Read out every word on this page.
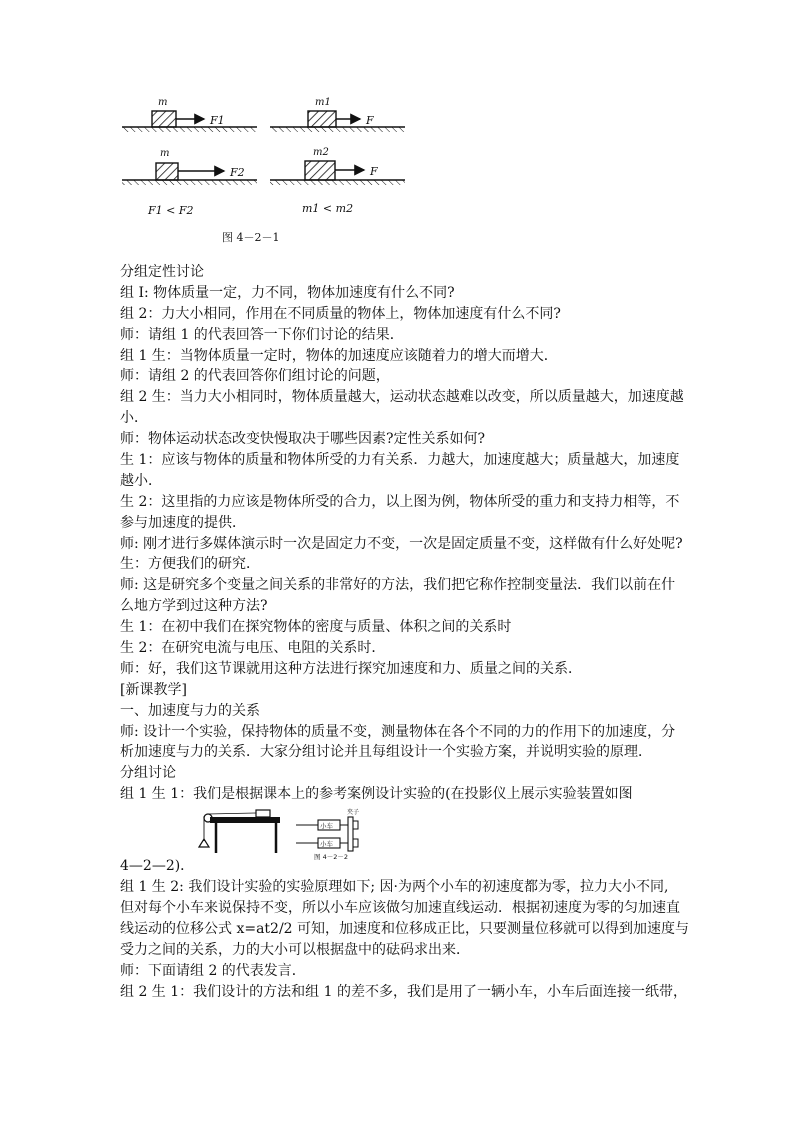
m
F1
m1
F
m
F2
m2
F
F1 < F2	m1 < m2
图 4－2－1
分组定性讨论
组 I: 物体质量一定，力不同，物体加速度有什么不同?
组 2：力大小相同，作用在不同质量的物体上，物体加速度有什么不同?
师：请组 1 的代表回答一下你们讨论的结果．
组 1 生：当物体质量一定时，物体的加速度应该随着力的增大而增大．
师：请组 2 的代表回答你们组讨论的问题，
组 2 生：当力大小相同时，物体质量越大，运动状态越难以改变，所以质量越大，加速度越
小．
师：物体运动状态改变快慢取决于哪些因素?定性关系如何?
生 1：应该与物体的质量和物体所受的力有关系．力越大，加速度越大；质量越大，加速度
越小．
生 2：这里指的力应该是物体所受的合力，以上图为例，物体所受的重力和支持力相等，不
参与加速度的提供．
师: 刚才进行多媒体演示时一次是固定力不变，一次是固定质量不变，这样做有什么好处呢?
生：方便我们的研究．
师: 这是研究多个变量之间关系的非常好的方法，我们把它称作控制变量法．我们以前在什
么地方学到过这种方法?
生 1：在初中我们在探究物体的密度与质量、体积之间的关系时
生 2：在研究电流与电压、电阻的关系时．
师：好，我们这节课就用这种方法进行探究加速度和力、质量之间的关系．
[新课教学]
一、加速度与力的关系
师: 设计一个实验，保持物体的质量不变，测量物体在各个不同的力的作用下的加速度，分
析加速度与力的关系．大家分组讨论并且每组设计一个实验方案，并说明实验的原理．
分组讨论
组 1 生 1：我们是根据课本上的参考案例设计实验的(在投影仪上展示实验装置如图
小车
小车
夹子
图 4－2－2
4—2—2)．
组 1 生 2: 我们设计实验的实验原理如下; 因·为两个小车的初速度都为零，拉力大小不同,
但对每个小车来说保持不变，所以小车应该做匀加速直线运动．根据初速度为零的匀加速直
线运动的位移公式 x=at2/2 可知，加速度和位移成正比，只要测量位移就可以得到加速度与
受力之间的关系，力的大小可以根据盘中的砝码求出来．
师：下面请组 2 的代表发言．
组 2 生 1：我们设计的方法和组 1 的差不多，我们是用了一辆小车，小车后面连接一纸带，
